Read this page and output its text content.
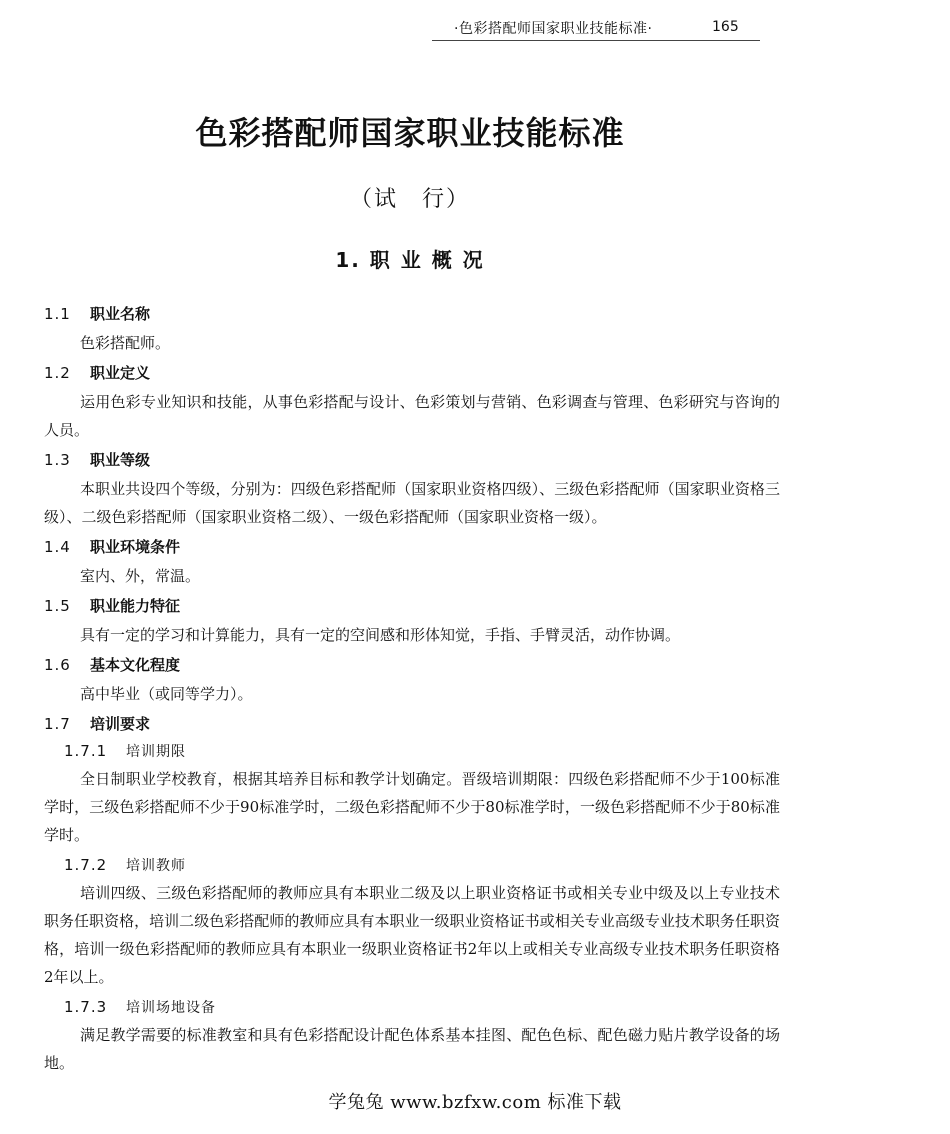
·色彩搭配师国家职业技能标准·	165
色彩搭配师国家职业技能标准
（试　行）
1. 职 业 概 况
1.1 职业名称
色彩搭配师。
1.2 职业定义
运用色彩专业知识和技能，从事色彩搭配与设计、色彩策划与营销、色彩调查与管理、色彩研究与咨询的人员。
1.3 职业等级
本职业共设四个等级，分别为：四级色彩搭配师（国家职业资格四级）、三级色彩搭配师（国家职业资格三级）、二级色彩搭配师（国家职业资格二级）、一级色彩搭配师（国家职业资格一级）。
1.4 职业环境条件
室内、外，常温。
1.5 职业能力特征
具有一定的学习和计算能力，具有一定的空间感和形体知觉，手指、手臂灵活，动作协调。
1.6 基本文化程度
高中毕业（或同等学力）。
1.7 培训要求
1.7.1 培训期限
全日制职业学校教育，根据其培养目标和教学计划确定。晋级培训期限：四级色彩搭配师不少于100标准学时，三级色彩搭配师不少于90标准学时，二级色彩搭配师不少于80标准学时，一级色彩搭配师不少于80标准学时。
1.7.2 培训教师
培训四级、三级色彩搭配师的教师应具有本职业二级及以上职业资格证书或相关专业中级及以上专业技术职务任职资格，培训二级色彩搭配师的教师应具有本职业一级职业资格证书或相关专业高级专业技术职务任职资格，培训一级色彩搭配师的教师应具有本职业一级职业资格证书2年以上或相关专业高级专业技术职务任职资格2年以上。
1.7.3 培训场地设备
满足教学需要的标准教室和具有色彩搭配设计配色体系基本挂图、配色色标、配色磁力贴片教学设备的场地。
学兔兔 www.bzfxw.com 标准下载
